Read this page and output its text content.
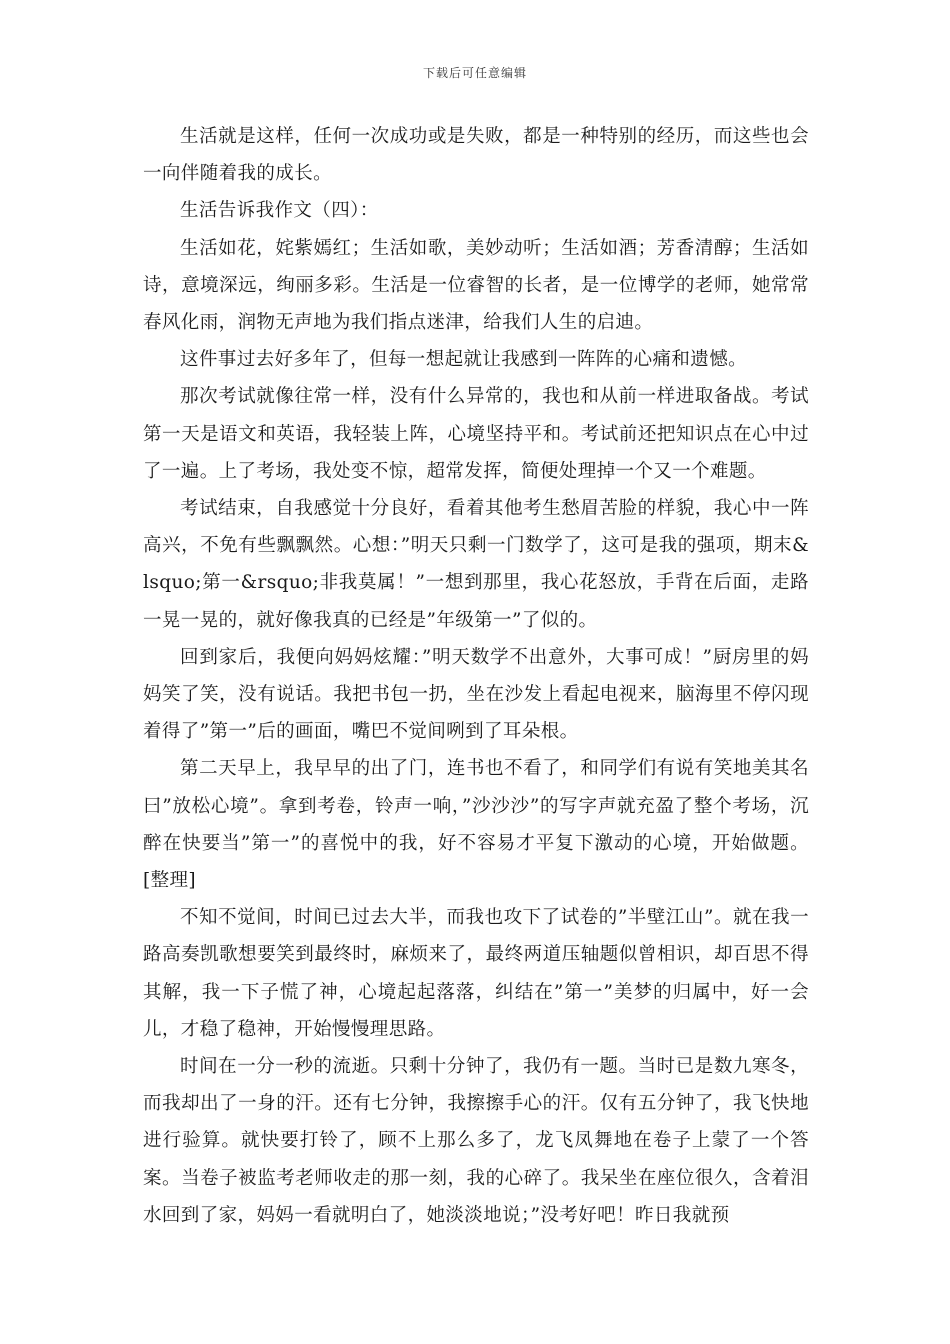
下载后可任意编辑

生活就是这样，任何一次成功或是失败，都是一种特别的经历，而这些也会一向伴随着我的成长。

生活告诉我作文（四）：

生活如花，姹紫嫣红；生活如歌，美妙动听；生活如酒；芳香清醇；生活如诗，意境深远，绚丽多彩。生活是一位睿智的长者，是一位博学的老师，她常常春风化雨，润物无声地为我们指点迷津，给我们人生的启迪。

这件事过去好多年了，但每一想起就让我感到一阵阵的心痛和遗憾。

那次考试就像往常一样，没有什么异常的，我也和从前一样进取备战。考试第一天是语文和英语，我轻装上阵，心境坚持平和。考试前还把知识点在心中过了一遍。上了考场，我处变不惊，超常发挥，简便处理掉一个又一个难题。

考试结束，自我感觉十分良好，看着其他考生愁眉苦脸的样貌，我心中一阵高兴，不免有些飘飘然。心想：”明天只剩一门数学了，这可是我的强项，期末&lsquo;第一&rsquo;非我莫属！”一想到那里，我心花怒放，手背在后面，走路一晃一晃的，就好像我真的已经是”年级第一”了似的。

回到家后，我便向妈妈炫耀：”明天数学不出意外，大事可成！”厨房里的妈妈笑了笑，没有说话。我把书包一扔，坐在沙发上看起电视来，脑海里不停闪现着得了”第一”后的画面，嘴巴不觉间咧到了耳朵根。

第二天早上，我早早的出了门，连书也不看了，和同学们有说有笑地美其名曰”放松心境”。拿到考卷，铃声一响，”沙沙沙”的写字声就充盈了整个考场，沉醉在快要当”第一”的喜悦中的我，好不容易才平复下激动的心境，开始做题。[整理]

不知不觉间，时间已过去大半，而我也攻下了试卷的”半壁江山”。就在我一路高奏凯歌想要笑到最终时，麻烦来了，最终两道压轴题似曾相识，却百思不得其解，我一下子慌了神，心境起起落落，纠结在”第一”美梦的归属中，好一会儿，才稳了稳神，开始慢慢理思路。

时间在一分一秒的流逝。只剩十分钟了，我仍有一题。当时已是数九寒冬，而我却出了一身的汗。还有七分钟，我擦擦手心的汗。仅有五分钟了，我飞快地进行验算。就快要打铃了，顾不上那么多了，龙飞凤舞地在卷子上蒙了一个答案。当卷子被监考老师收走的那一刻，我的心碎了。我呆坐在座位很久，含着泪水回到了家，妈妈一看就明白了，她淡淡地说；”没考好吧！昨日我就预
